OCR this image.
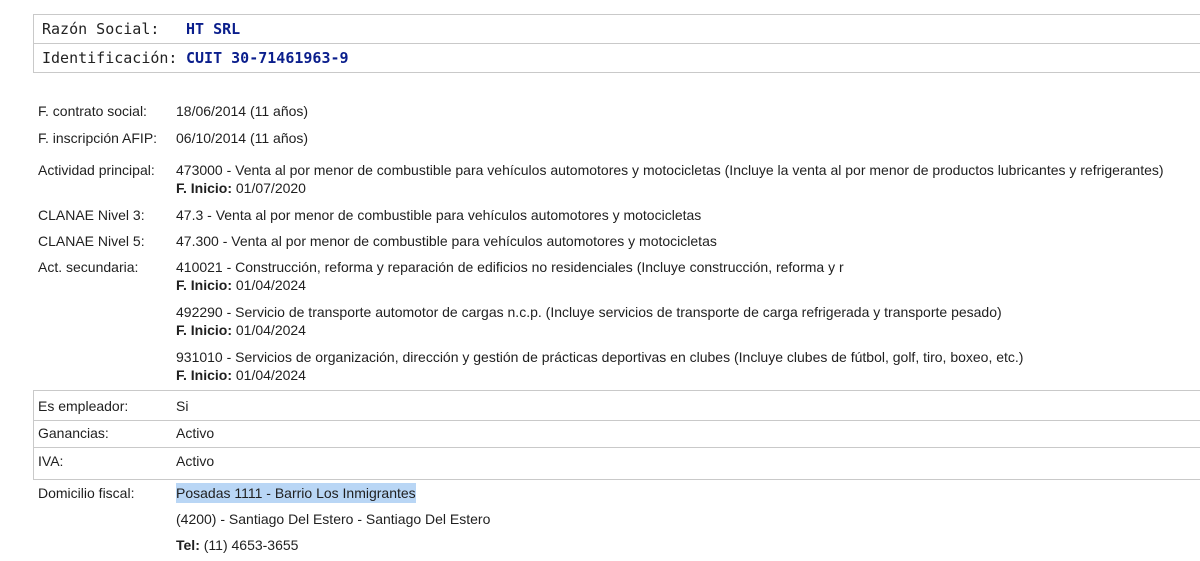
Razón Social:	HT SRL
Identificación: CUIT 30-71461963-9
F. contrato social: 18/06/2014 (11 años)
F. inscripción AFIP: 06/10/2014 (11 años)
Actividad principal: 473000 - Venta al por menor de combustible para vehículos automotores y motocicletas (Incluye la venta al por menor de productos lubricantes y refrigerantes)
F. Inicio: 01/07/2020
CLANAE Nivel 3: 47.3 - Venta al por menor de combustible para vehículos automotores y motocicletas
CLANAE Nivel 5: 47.300 - Venta al por menor de combustible para vehículos automotores y motocicletas
Act. secundaria:	410021 - Construcción, reforma y reparación de edificios no residenciales (Incluye construcción, reforma y r
F. Inicio: 01/04/2024
492290 - Servicio de transporte automotor de cargas n.c.p. (Incluye servicios de transporte de carga refrigerada y transporte pesado)
F. Inicio: 01/04/2024
931010 - Servicios de organización, dirección y gestión de prácticas deportivas en clubes (Incluye clubes de fútbol, golf, tiro, boxeo, etc.)
F. Inicio: 01/04/2024
Es empleador:	Si
Ganancias:	Activo
IVA:	Activo
Domicilio fiscal:	Posadas 1111 - Barrio Los Inmigrantes
(4200) - Santiago Del Estero - Santiago Del Estero
Tel: (11) 4653-3655
